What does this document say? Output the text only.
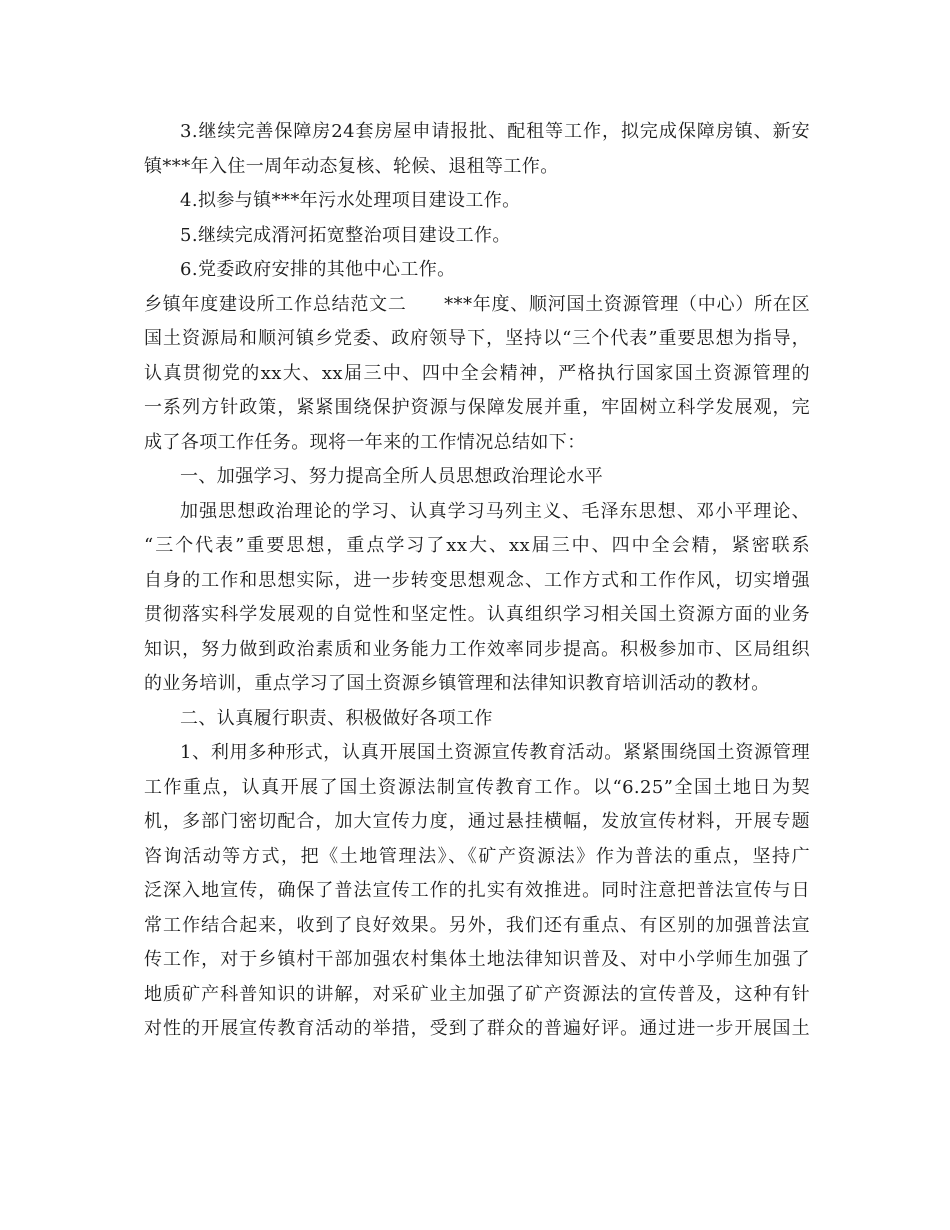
3.继续完善保障房24套房屋申请报批、配租等工作，拟完成保障房镇、新安
镇***年入住一周年动态复核、轮候、退租等工作。
4.拟参与镇***年污水处理项目建设工作。
5.继续完成湑河拓宽整治项目建设工作。
6.党委政府安排的其他中心工作。
乡镇年度建设所工作总结范文二　　***年度、顺河国土资源管理（中心）所在区
国土资源局和顺河镇乡党委、政府领导下，坚持以“三个代表”重要思想为指导，
认真贯彻党的xx大、xx届三中、四中全会精神，严格执行国家国土资源管理的
一系列方针政策，紧紧围绕保护资源与保障发展并重，牢固树立科学发展观，完
成了各项工作任务。现将一年来的工作情况总结如下：
一、加强学习、努力提高全所人员思想政治理论水平
加强思想政治理论的学习、认真学习马列主义、毛泽东思想、邓小平理论、
“三个代表”重要思想，重点学习了xx大、xx届三中、四中全会精，紧密联系
自身的工作和思想实际，进一步转变思想观念、工作方式和工作作风，切实增强
贯彻落实科学发展观的自觉性和坚定性。认真组织学习相关国土资源方面的业务
知识，努力做到政治素质和业务能力工作效率同步提高。积极参加市、区局组织
的业务培训，重点学习了国土资源乡镇管理和法律知识教育培训活动的教材。
二、认真履行职责、积极做好各项工作
1、利用多种形式，认真开展国土资源宣传教育活动。紧紧围绕国土资源管理
工作重点，认真开展了国土资源法制宣传教育工作。以“6.25”全国土地日为契
机，多部门密切配合，加大宣传力度，通过悬挂横幅，发放宣传材料，开展专题
咨询活动等方式，把《土地管理法》、《矿产资源法》作为普法的重点，坚持广
泛深入地宣传，确保了普法宣传工作的扎实有效推进。同时注意把普法宣传与日
常工作结合起来，收到了良好效果。另外，我们还有重点、有区别的加强普法宣
传工作，对于乡镇村干部加强农村集体土地法律知识普及、对中小学师生加强了
地质矿产科普知识的讲解，对采矿业主加强了矿产资源法的宣传普及，这种有针
对性的开展宣传教育活动的举措，受到了群众的普遍好评。通过进一步开展国土
